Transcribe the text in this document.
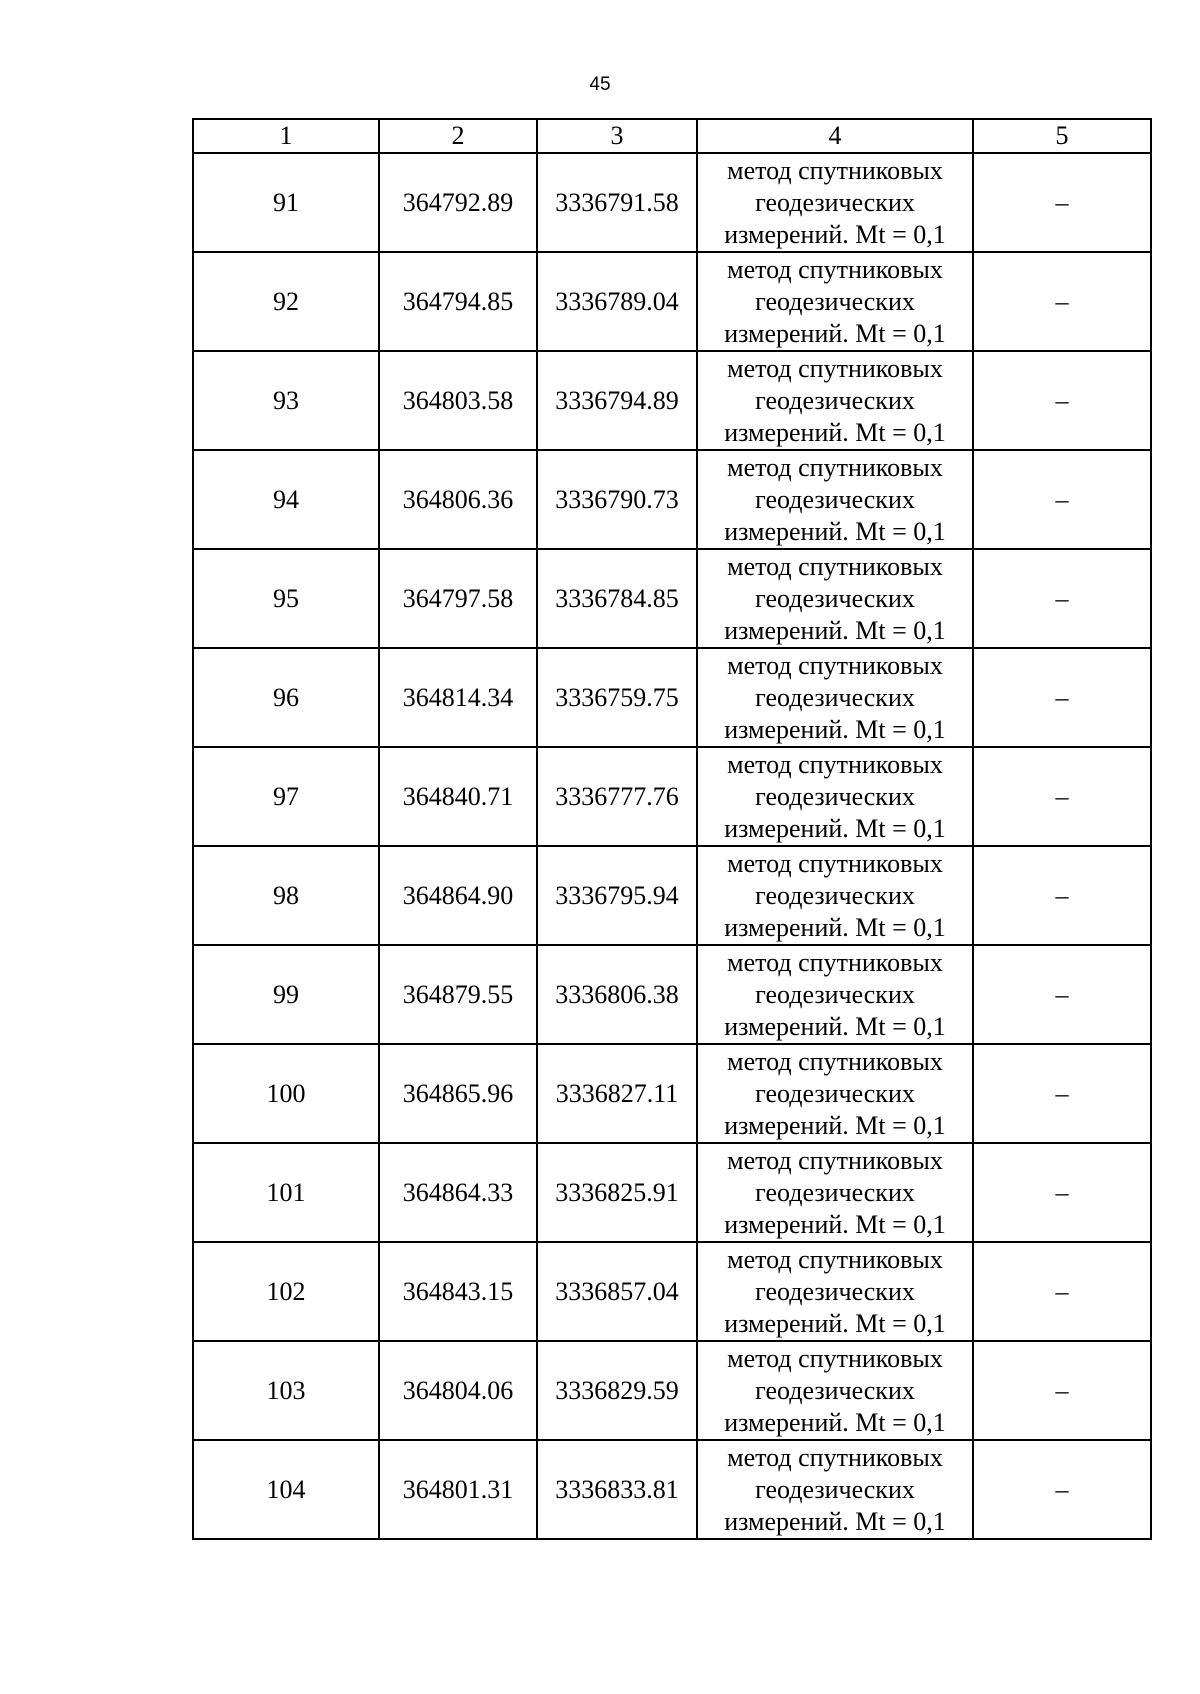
45
1	2	3	4	5
91	364792.89	3336791.58	метод спутниковых
геодезических
измерений. Mt = 0,1	–
92	364794.85	3336789.04	метод спутниковых
геодезических
измерений. Mt = 0,1	–
93	364803.58	3336794.89	метод спутниковых
геодезических
измерений. Mt = 0,1	–
94	364806.36	3336790.73	метод спутниковых
геодезических
измерений. Mt = 0,1	–
95	364797.58	3336784.85	метод спутниковых
геодезических
измерений. Mt = 0,1	–
96	364814.34	3336759.75	метод спутниковых
геодезических
измерений. Mt = 0,1	–
97	364840.71	3336777.76	метод спутниковых
геодезических
измерений. Mt = 0,1	–
98	364864.90	3336795.94	метод спутниковых
геодезических
измерений. Mt = 0,1	–
99	364879.55	3336806.38	метод спутниковых
геодезических
измерений. Mt = 0,1	–
100	364865.96	3336827.11	метод спутниковых
геодезических
измерений. Mt = 0,1	–
101	364864.33	3336825.91	метод спутниковых
геодезических
измерений. Mt = 0,1	–
102	364843.15	3336857.04	метод спутниковых
геодезических
измерений. Mt = 0,1	–
103	364804.06	3336829.59	метод спутниковых
геодезических
измерений. Mt = 0,1	–
104	364801.31	3336833.81	метод спутниковых
геодезических
измерений. Mt = 0,1	–
